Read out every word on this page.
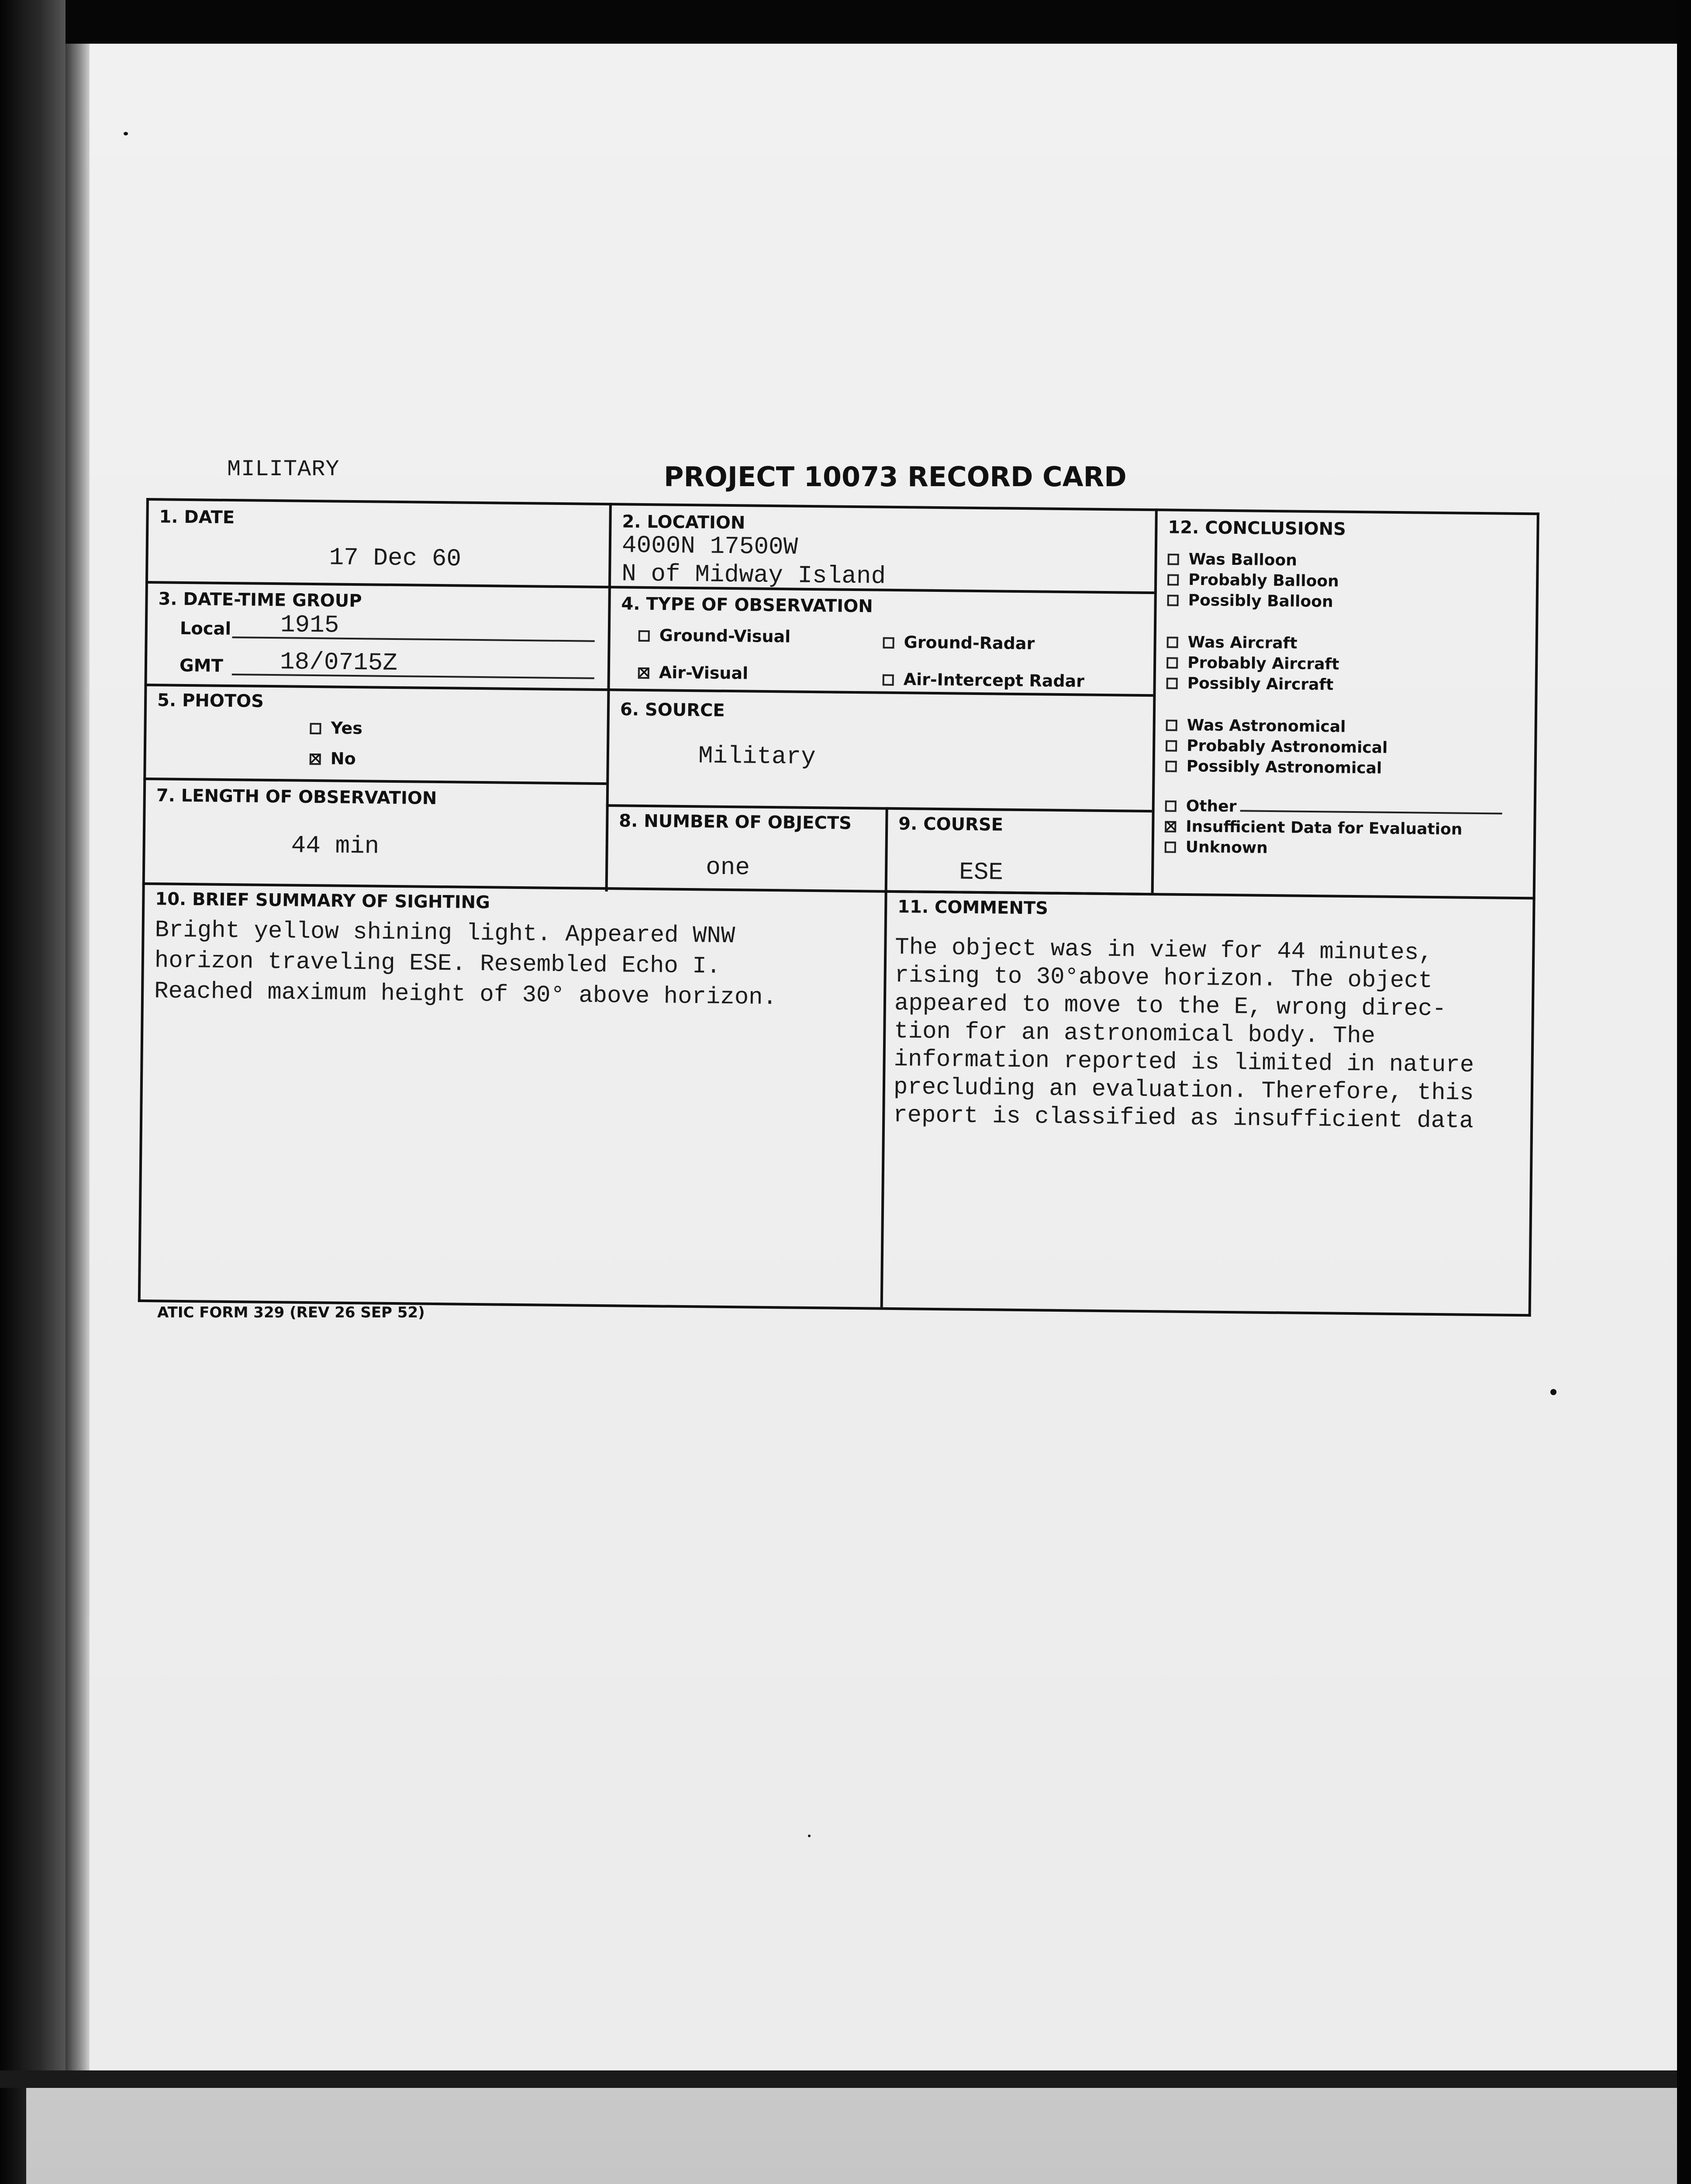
MILITARY	PROJECT 10073 RECORD CARD
1. DATE
17 Dec 60
2. LOCATION
4000N 17500W
N of Midway Island
3. DATE-TIME GROUP
Local 1915
GMT 18/0715Z
4. TYPE OF OBSERVATION
Ground-Visual	Ground-Radar
✕Air-Visual	Air-Intercept Radar
5. PHOTOS
Yes
✕No
6. SOURCE
Military
7. LENGTH OF OBSERVATION
44 min
8. NUMBER OF OBJECTS
one
9. COURSE
ESE
12. CONCLUSIONS
Was Balloon
Probably Balloon
Possibly Balloon
Was Aircraft
Probably Aircraft
Possibly Aircraft
Was Astronomical
Probably Astronomical
Possibly Astronomical
Other
✕Insufficient Data for Evaluation
Unknown
10. BRIEF SUMMARY OF SIGHTING
Bright yellow shining light. Appeared WNW
horizon traveling ESE. Resembled Echo I.
Reached maximum height of 30° above horizon.
11. COMMENTS
The object was in view for 44 minutes,
rising to 30°above horizon. The object
appeared to move to the E, wrong direc-
tion for an astronomical body. The
information reported is limited in nature
precluding an evaluation. Therefore, this
report is classified as insufficient data
ATIC FORM 329 (REV 26 SEP 52)
